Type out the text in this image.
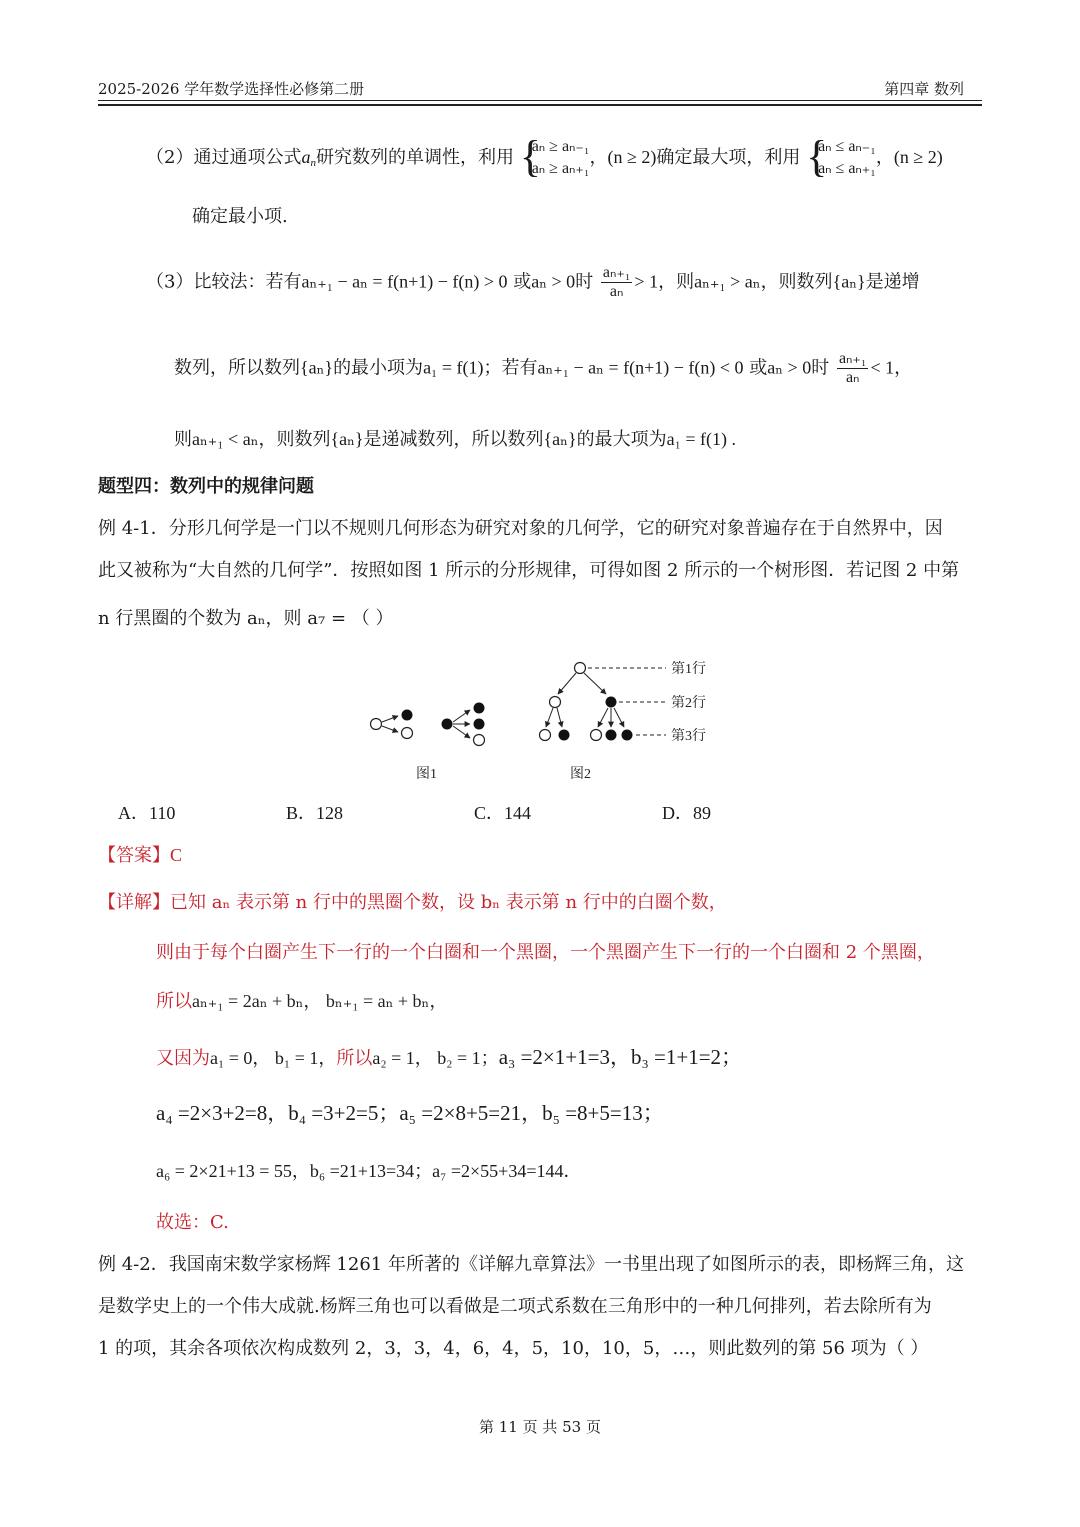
2025-2026 学年数学选择性必修第二册	第四章 数列
（2）通过通项公式$a_n$研究数列的单调性，利用 {
aₙ ≥ aₙ₋₁
aₙ ≥ aₙ₊₁
，(n ≥ 2)确定最大项，利用 {
aₙ ≤ aₙ₋₁
aₙ ≤ aₙ₊₁
，(n ≥ 2)
确定最小项.
（3）比较法：若有aₙ₊₁ − aₙ = f(n+1) − f(n) > 0 或aₙ > 0时 $\frac{\text{aₙ₊₁}}{\text{aₙ}} > 1$，则aₙ₊₁ > aₙ，则数列{aₙ}是递增
数列，所以数列{aₙ}的最小项为a₁ = f(1)；若有aₙ₊₁ − aₙ = f(n+1) − f(n) < 0 或aₙ > 0时 $\frac{\text{aₙ₊₁}}{\text{aₙ}} < 1$，
则aₙ₊₁ < aₙ，则数列{aₙ}是递减数列，所以数列{aₙ}的最大项为a₁ = f(1) .
题型四：数列中的规律问题
例 4-1．分形几何学是一门以不规则几何形态为研究对象的几何学，它的研究对象普遍存在于自然界中，因
此又被称为“大自然的几何学”．按照如图 1 所示的分形规律，可得如图 2 所示的一个树形图．若记图 2 中第
n 行黑圈的个数为 aₙ，则 a₇ = （ ）
第1行
第2行
第3行
图1	图2
A．110	B．128	C．144	D．89
【答案】C
【详解】已知 aₙ 表示第 n 行中的黑圈个数，设 bₙ 表示第 n 行中的白圈个数，
则由于每个白圈产生下一行的一个白圈和一个黑圈，一个黑圈产生下一行的一个白圈和 2 个黑圈，
所以aₙ₊₁ = 2aₙ + bₙ， bₙ₊₁ = aₙ + bₙ，
又因为a₁ = 0， b₁ = 1，所以a₂ = 1， b₂ = 1；a₃ =2×1+1=3，b₃ =1+1=2；
a₄ =2×3+2=8，b₄ =3+2=5；a₅ =2×8+5=21，b₅ =8+5=13；
a₆ = 2×21+13 = 55，b₆ =21+13=34；a₇ =2×55+34=144．
故选：C.
例 4-2．我国南宋数学家杨辉 1261 年所著的《详解九章算法》一书里出现了如图所示的表，即杨辉三角，这
是数学史上的一个伟大成就.杨辉三角也可以看做是二项式系数在三角形中的一种几何排列，若去除所有为
1 的项，其余各项依次构成数列 2，3，3，4，6，4，5，10，10，5，…，则此数列的第 56 项为（ ）
第 11 页 共 53 页
